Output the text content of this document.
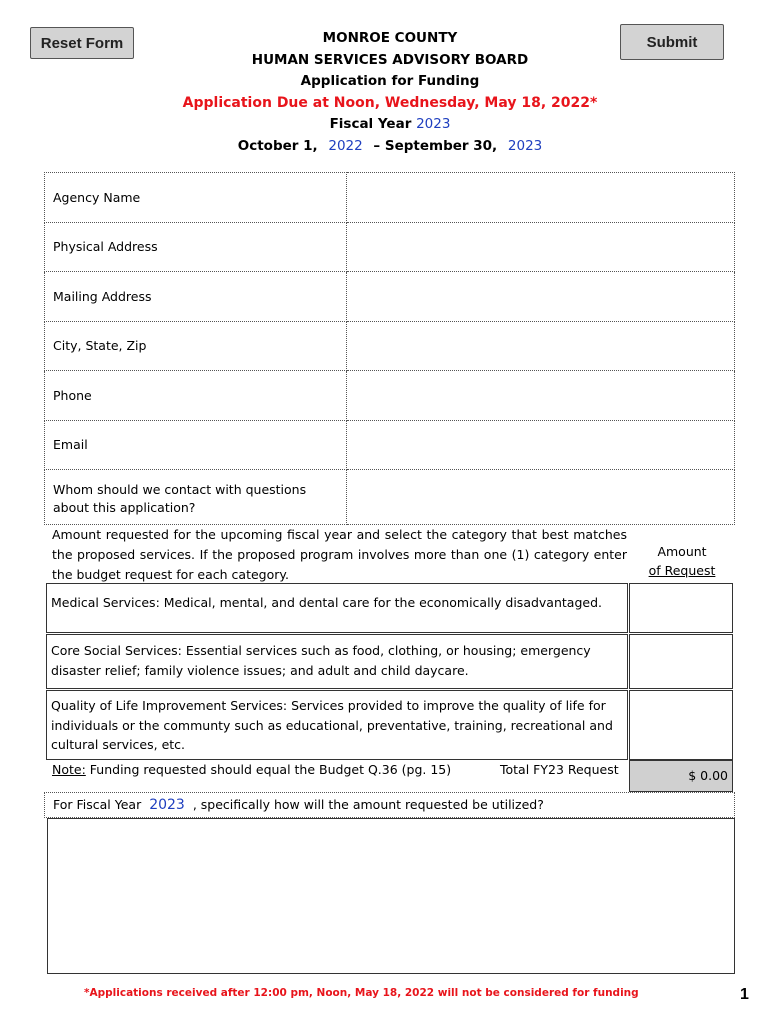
Reset Form	Submit
MONROE COUNTY
HUMAN SERVICES ADVISORY BOARD
Application for Funding
Application Due at Noon, Wednesday, May 18, 2022*
Fiscal Year 2023
October 1, 2022 – September 30, 2023
Agency Name	
Physical Address	
Mailing Address	
City, State, Zip	
Phone	
Email	
Whom should we contact with questions about this application?	
Amount requested for the upcoming fiscal year and select the category that best matches the proposed services. If the proposed program involves more than one (1) category enter the budget request for each category.
Amount
of Request
Medical Services: Medical, mental, and dental care for the economically disadvantaged.
Core Social Services: Essential services such as food, clothing, or housing; emergency disaster relief; family violence issues; and adult and child daycare.
Quality of Life Improvement Services: Services provided to improve the quality of life for individuals or the communty such as educational, preventative, training, recreational and cultural services, etc.
Note: Funding requested should equal the Budget Q.36 (pg. 15)	Total FY23 Request	$ 0.00
For Fiscal Year 2023 , specifically how will the amount requested be utilized?
*Applications received after 12:00 pm, Noon, May 18, 2022 will not be considered for funding	1
